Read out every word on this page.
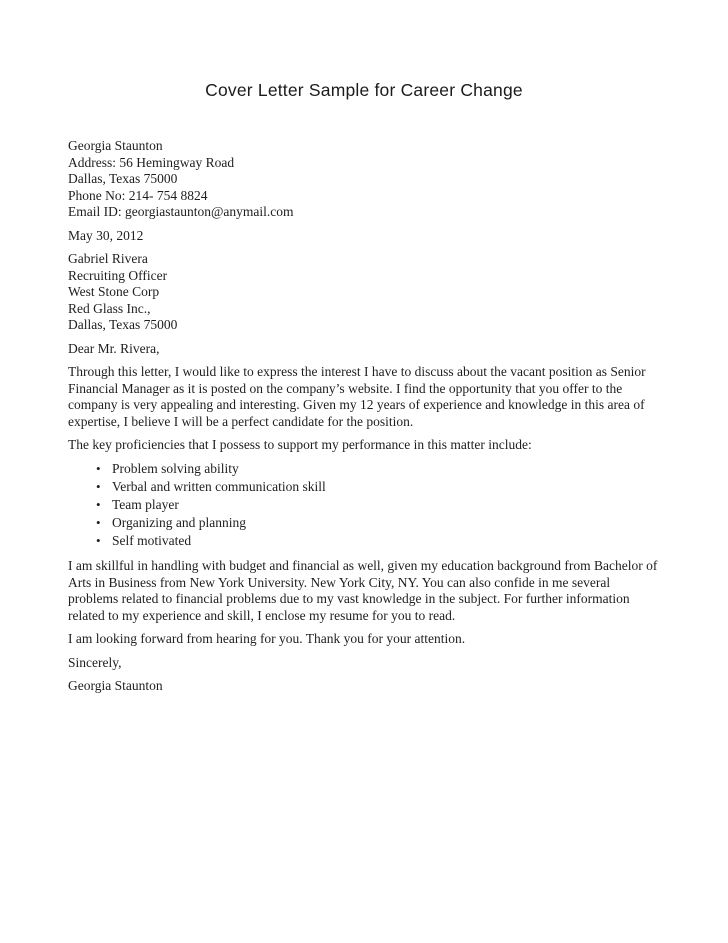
Cover Letter Sample for Career Change
Georgia Staunton
Address: 56 Hemingway Road
Dallas, Texas 75000
Phone No: 214- 754 8824
Email ID: georgiastaunton@anymail.com
May 30, 2012
Gabriel Rivera
Recruiting Officer
West Stone Corp
Red Glass Inc.,
Dallas, Texas 75000
Dear Mr. Rivera,

Through this letter, I would like to express the interest I have to discuss about the vacant position as Senior Financial Manager as it is posted on the company’s website. I find the opportunity that you offer to the company is very appealing and interesting. Given my 12 years of experience and knowledge in this area of expertise, I believe I will be a perfect candidate for the position.

The key proficiencies that I possess to support my performance in this matter include:

• Problem solving ability
• Verbal and written communication skill
• Team player
• Organizing and planning
• Self motivated

I am skillful in handling with budget and financial as well, given my education background from Bachelor of Arts in Business from New York University. New York City, NY. You can also confide in me several problems related to financial problems due to my vast knowledge in the subject. For further information related to my experience and skill, I enclose my resume for you to read.

I am looking forward from hearing for you. Thank you for your attention.

Sincerely,
Georgia Staunton
